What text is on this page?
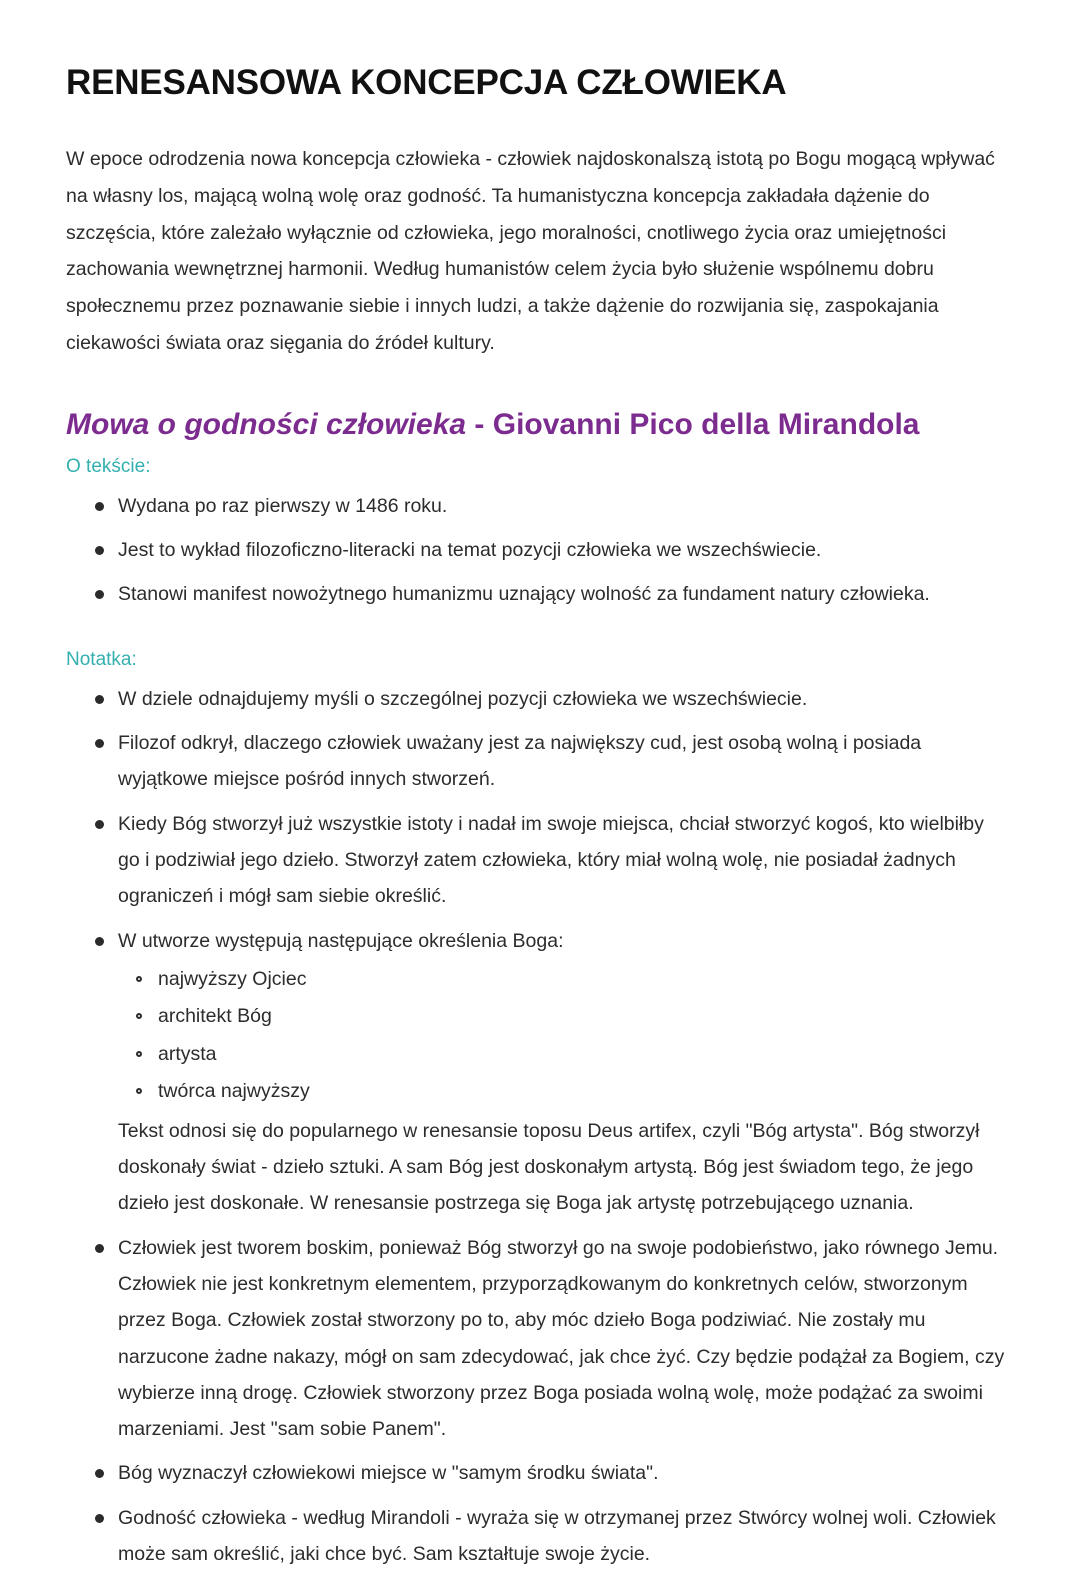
RENESANSOWA KONCEPCJA CZŁOWIEKA

W epoce odrodzenia nowa koncepcja człowieka - człowiek najdoskonalszą istotą po Bogu mogącą wpływać na własny los, mającą wolną wolę oraz godność. Ta humanistyczna koncepcja zakładała dążenie do szczęścia, które zależało wyłącznie od człowieka, jego moralności, cnotliwego życia oraz umiejętności zachowania wewnętrznej harmonii. Według humanistów celem życia było służenie wspólnemu dobru społecznemu przez poznawanie siebie i innych ludzi, a także dążenie do rozwijania się, zaspokajania ciekawości świata oraz sięgania do źródeł kultury.

Mowa o godności człowieka - Giovanni Pico della Mirandola

O tekście:

Wydana po raz pierwszy w 1486 roku.
Jest to wykład filozoficzno-literacki na temat pozycji człowieka we wszechświecie.
Stanowi manifest nowożytnego humanizmu uznający wolność za fundament natury człowieka.

Notatka:

W dziele odnajdujemy myśli o szczególnej pozycji człowieka we wszechświecie.
Filozof odkrył, dlaczego człowiek uważany jest za największy cud, jest osobą wolną i posiada wyjątkowe miejsce pośród innych stworzeń.
Kiedy Bóg stworzył już wszystkie istoty i nadał im swoje miejsca, chciał stworzyć kogoś, kto wielbiłby go i podziwiał jego dzieło. Stworzył zatem człowieka, który miał wolną wolę, nie posiadał żadnych ograniczeń i mógł sam siebie określić.
W utworze występują następujące określenia Boga:
najwyższy Ojciec
architekt Bóg
artysta
twórca najwyższy
Tekst odnosi się do popularnego w renesansie toposu Deus artifex, czyli "Bóg artysta". Bóg stworzył doskonały świat - dzieło sztuki. A sam Bóg jest doskonałym artystą. Bóg jest świadom tego, że jego dzieło jest doskonałe. W renesansie postrzega się Boga jak artystę potrzebującego uznania.
Człowiek jest tworem boskim, ponieważ Bóg stworzył go na swoje podobieństwo, jako równego Jemu. Człowiek nie jest konkretnym elementem, przyporządkowanym do konkretnych celów, stworzonym przez Boga. Człowiek został stworzony po to, aby móc dzieło Boga podziwiać. Nie zostały mu narzucone żadne nakazy, mógł on sam zdecydować, jak chce żyć. Czy będzie podążał za Bogiem, czy wybierze inną drogę. Człowiek stworzony przez Boga posiada wolną wolę, może podążać za swoimi marzeniami. Jest "sam sobie Panem".
Bóg wyznaczył człowiekowi miejsce w "samym środku świata".
Godność człowieka - według Mirandoli - wyraża się w otrzymanej przez Stwórcy wolnej woli. Człowiek może sam określić, jaki chce być. Sam kształtuje swoje życie.
